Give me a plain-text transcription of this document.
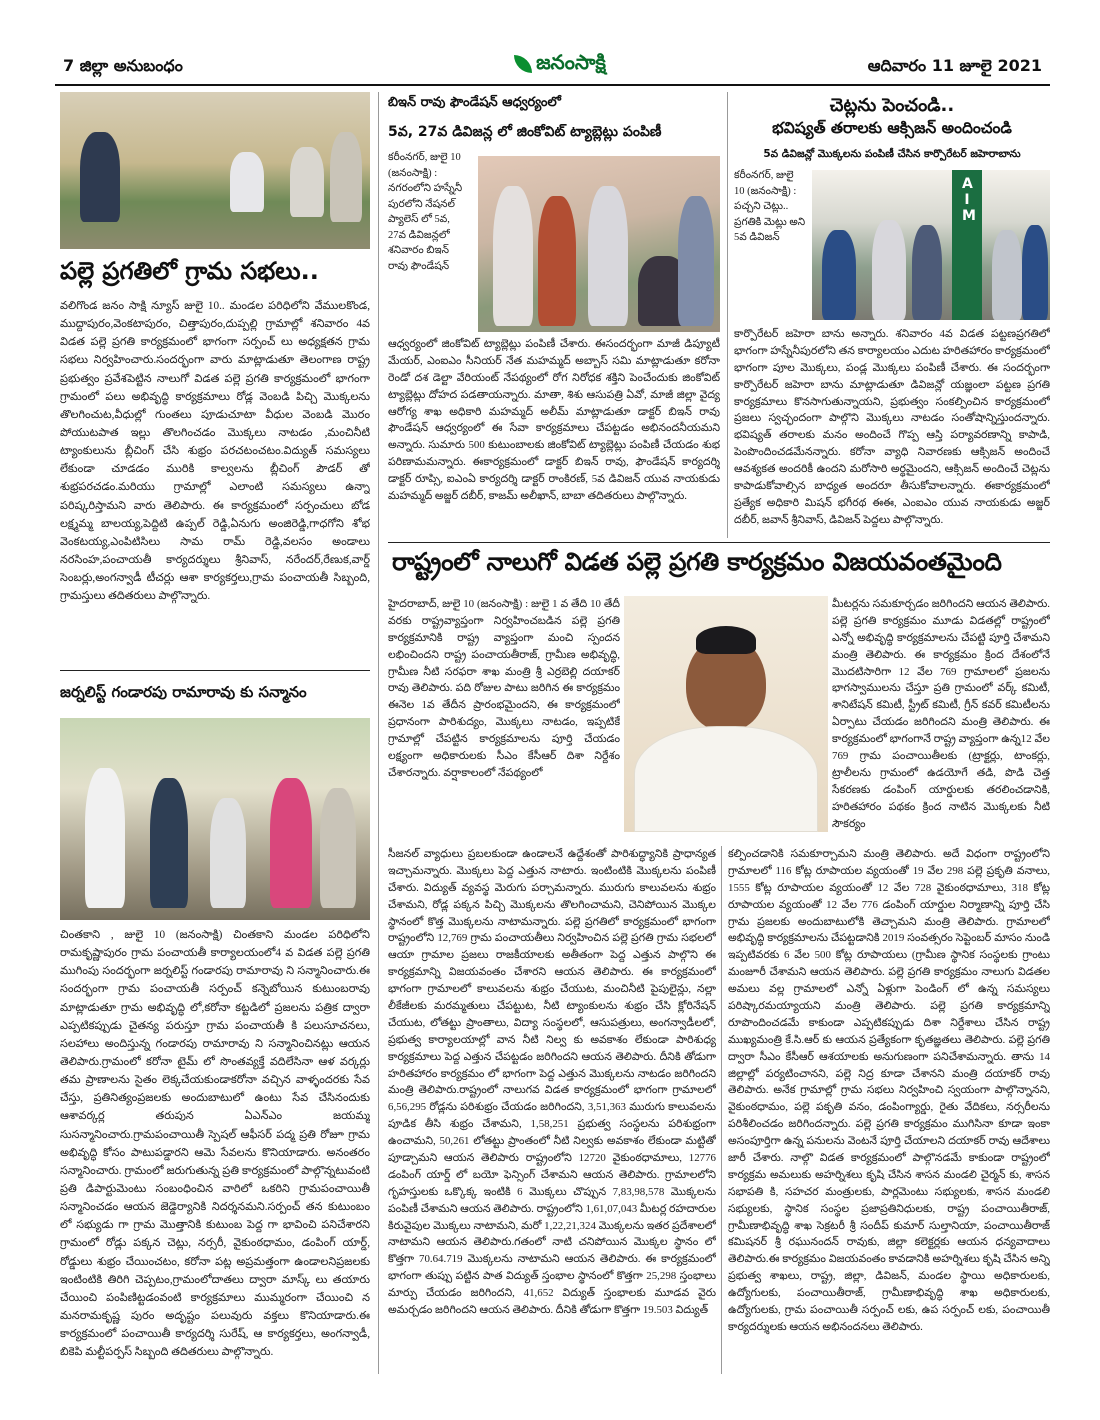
7 జిల్లా అనుబంధం	జనంసాక్షి	ఆదివారం 11 జూలై 2021
పల్లె ప్రగతిలో గ్రామ సభలు..
వలిగొండ జనం సాక్షి న్యూస్ జులై 10.. మండల పరిధిలోని వేములకొండ, ముద్దాపురం,వెంకటాపురం, చిత్తాపురం,దుప్పల్లి గ్రామాల్లో శనివారం 4వ విడత పల్లె ప్రగతి కార్యక్రమంలో భాగంగా సర్పంచ్ లు అధ్యక్షతన గ్రామ సభలు నిర్వహించారు.సందర్భంగా వారు మాట్లాడుతూ తెలంగాణ రాష్ట్ర ప్రభుత్వం ప్రవేశపెట్టిన నాలుగో విడత పల్లె ప్రగతి కార్యక్రమంలో భాగంగా గ్రామంలో పలు అభివృద్ధి కార్యక్రమాలు రోడ్ల వెంబడి పిచ్చి మొక్కలను తొలగించుట,వీధుల్లో గుంతలు పూడుచూటా వీధుల వెంబడి మొరం పోయుటపాత ఇల్లు తొలగించడం మొక్కలు నాటడం ,మంచినీటి ట్యాంకులును బ్లీచింగ్ చేసి శుభ్రం పరచటంచటం.విద్యుత్ సమస్యలు లేకుండా చూడడం మురికి కాల్వలను బ్లీచింగ్ పౌడర్ తో శుభ్రపరచడం.మరియు గ్రామాల్లో ఎలాంటి సమస్యలు ఉన్నా పరిష్కరిస్తామని వారు తెలిపారు. ఈ కార్యక్రమంలో సర్పంచులు బోడ లక్ష్మమ్మ బాలయ్య,పెద్దిటి ఉప్పల్ రెడ్డి,ఏనుగు అంజిరెడ్డి,గాధగోని శోభ వెంకటయ్య,ఎంపిటిసిలు సామ రామ్ రెడ్డి,వలసం అండాలు నరసింహ,పంచాయతీ కార్యదర్శులు శ్రీనివాస్, నరేందర్,రేణుక,వార్డ్ సెంబర్లు,అంగన్వాడీ టీచర్లు ఆశా కార్యకర్తలు,గ్రామ పంచాయతీ సిబ్బంది, గ్రామస్తులు తదితరులు పాల్గొన్నారు.
జర్నలిస్ట్ గండారపు రామారావు కు సన్మానం
చింతకాని , జులై 10 (జనంసాక్షి) చింతకాని మండల పరిధిలోని రామకృష్ణాపురం గ్రామ పంచాయతీ కార్యాలయంలో4 వ విడత పల్లె ప్రగతి ముగింపు సందర్భంగా జర్నలిస్ట్ గండారపు రామారావు ని సన్మానించారు.ఈ సందర్భంగా గ్రామ పంచాయతీ సర్పంచ్ కన్నెబోయిన కుటుంబరావు మాట్లాడుతూ గ్రామ అభివృద్ధి లో,కరోనా కట్టడిలో ప్రజలను పత్రిక ద్వారా ఎప్పటికప్పుడు చైతన్య పరుస్తూ గ్రామ పంచాయతీ కి పలుసూచనలు, సలహాలు అందిస్తున్న గండారపు రామారావు ని సన్మానించినట్లు ఆయన తెలిపారు.గ్రామంలో కరోనా టైమ్ లో సొంతవ్యక్తే వదిలేసినా ఆళ వర్కర్లు తమ ప్రాణాలను సైతం లెక్కచేయకుండాకరోనా వచ్చిన వాళ్ళందరకు సేవ చేస్తు, ప్రతినిత్యంప్రజలకు అందుబాటులో ఉంటు సేవ చేసినందుకు ఆశావర్కర్ల తరుపున ఏఎన్ఎం జయమ్మ సుసన్మానించారు.గ్రామపంచాయితీ స్పెషల్ ఆఫీసర్ పద్మ ప్రతి రోజూ గ్రామ అభివృద్ధి కోసం పాటుపడ్డారని ఆమె సేవలను కొనియాడారు. అనంతరం సన్మానించారు. గ్రామంలో జరుగుతున్న ప్రతి కార్యక్రమంలో పాల్గొన్నటువంటి ప్రతి డిపార్టుమెంటు సంబంధించిన వారిలో ఒకరిని గ్రామపంచాయితీ సన్మానించడం ఆయన జెడ్డెర్యానికి నిదర్శనమని.సర్పంచ్ తన కుటుంబం లో సభ్యుడు గా గ్రామ మొత్తానికి కుటుంబ పెద్ద గా భావించి పనిచేశారని గ్రామంలో రోడ్లు పక్కన చెట్లు, నర్సరీ, వైకుంఠధామం, డంపింగ్ యార్డ్, రోడ్డులు శుభ్రం చేయించటం, కరోనా పట్ల అప్రమత్తంగా ఉండాలనిప్రజలకు ఇంటింటికి తిరిగి చెప్పటం,గ్రామంలోదాతలు ద్వారా మాస్క్ లు తయారు చేయించి పంపిణిట్టడంవంటి కార్యక్రమాలు ముమ్మరంగా చేయించి న మనరామకృష్ణ పురం అదృష్టం పలువురు వక్తలు కొనియాడారు.ఈ కార్యక్రమంలో పంచాయితీ కార్యదర్శి సురేష్, ఆ కార్యకర్తలు, అంగన్వాడీ, బికెపి మల్టీపర్పస్ సిబ్బంది తదితరులు పాల్గొన్నారు.
బిఇన్ రావు ఫౌండేషన్ ఆధ్వర్యంలో
5వ, 27వ డివిజన్ల లో జింకోవిట్ ట్యాబ్లెట్లు పంపిణీ
కరీంనగర్, జులై 10 (జనంసాక్షి) : నగరంలోని హస్నేనీ పురలోని నేషనల్ ప్యాలెస్ లో 5వ, 27వ డివిజన్లలో శనివారం బిఇన్ రావు ఫౌండేషన్
ఆధ్వర్యంలో జింకోవిట్ ట్యాబ్లెట్లు పంపిణీ చేశారు. ఈసందర్భంగా మాజీ డిప్యూటీ మేయర్, ఎంఐఎం సీనియర్ నేత మహమ్మద్ అబ్బాస్ సమి మాట్లాడుతూ కరోనా రెండో దశ డెల్టా వేరియంట్ నేపథ్యంలో రోగ నిరోధక శక్తిని పెంచేందుకు జింకోవిట్ ట్యాబ్లెట్లు దోహద పడతాయన్నారు. మాతా, శిశు ఆసుపత్రి ఏవో, మాజీ జిల్లా వైద్య ఆరోగ్య శాఖ అధికారి మహమ్మద్ అలీమ్ మాట్లాడుతూ డాక్టర్ బిఇన్ రావు ఫౌండేషన్ ఆధ్వర్యంలో ఈ సేవా కార్యక్రమాలు చేపట్టడం అభినందనీయమని అన్నారు. సుమారు 500 కుటుంబాలకు జింకోవిట్ ట్యాబ్లెట్లు పంపిణీ చేయడం శుభ పరిణామమన్నారు. ఈకార్యక్రమంలో డాక్టర్ బిఇన్ రావు, ఫౌండేషన్ కార్యదర్శి డాక్టర్ రూప్సి, ఐఎంఏ కార్యదర్శి డాక్టర్ రాంకిరణ్, 5వ డివిజన్ యువ నాయకుడు మహమ్మద్ అజ్జర్ దబీర్, కాజమ్ అలీఖాన్, బాబా తదితరులు పాల్గొన్నారు.
చెట్లను పెంచండి..
భవిష్యత్ తరాలకు ఆక్సిజన్ అందించండి
5వ డివిజన్లో మొక్కలను పంపిణీ చేసిన కార్పొరేటర్ జహెరాబాను
కరీంనగర్, జులై 10 (జనంసాక్షి) : పచ్చని చెట్లు.. ప్రగతికి మెట్లు అని 5వ డివిజన్
AIM
కార్పొరేటర్ జహెరా బాను అన్నారు. శనివారం 4వ విడత పట్టణప్రగతిలో భాగంగా హస్నేనీపురలోని తన కార్యాలయం ఎదుట హరితహారం కార్యక్రమంలో భాగంగా పూల మొక్కలు, పండ్ల మొక్కలు పంపిణీ చేశారు. ఈ సందర్భంగా కార్పొరేటర్ జహెరా బాను మాట్లాడుతూ డివిజన్లో యజ్ఞంలా పట్టణ ప్రగతి కార్యక్రమాలు కొనసాగుతున్నాయని, ప్రభుత్వం సంకల్పించిన కార్యక్రమంలో ప్రజలు స్వచ్ఛందంగా పాల్గొని మొక్కలు నాటడం సంతోషాన్నిస్తుందన్నారు. భవిష్యత్ తరాలకు మనం అందించే గొప్ప ఆస్తి పర్యావరణాన్ని కాపాడి, పెంపొందించడమేనన్నారు. కరోనా వ్యాధి నివారణకు ఆక్సిజన్ అందించే ఆవశ్యకత అందరికీ ఉందని మరోసారి అర్థమైందని, ఆక్సిజన్ అందించే చెట్లను కాపాడుకోవాల్సిన బాధ్యత అందరూ తీసుకోవాలన్నారు. ఈకార్యక్రమంలో ప్రత్యేక అధికారి మిషన్ భగీరథ ఈఈ, ఎంఐఎం యువ నాయకుడు అజ్జర్ దబీర్, జవాన్ శ్రీనివాస్, డివిజన్ పెద్దలు పాల్గొన్నారు.
రాష్ట్రంలో నాలుగో విడత పల్లె ప్రగతి కార్యక్రమం విజయవంతమైంది
హైదరాబాద్, జులై 10 (జనంసాక్షి) : జులై 1 వ తేది 10 తేదీ వరకు రాష్ట్రవ్యాప్తంగా నిర్వహించబడిన పల్లె ప్రగతి కార్యక్రమానికి రాష్ట్ర వ్యాప్తంగా మంచి స్పందన లభించిందని రాష్ట్ర పంచాయతీరాజ్, గ్రామీణ అభివృద్ధి, గ్రామీణ నీటి సరఫరా శాఖ మంత్రి శ్రీ ఎర్రబెల్లి దయాకర్ రావు తెలిపారు. పది రోజుల పాటు జరిగిన ఈ కార్యక్రమం ఈనెల 1వ తేదీన ప్రారంభమైందని, ఈ కార్యక్రమంలో ప్రధానంగా పారిశుద్యం, మొక్కలు నాటడం, ఇప్పటికే గ్రామాల్లో చేపట్టిన కార్యక్రమాలను పూర్తి చేయడం లక్ష్యంగా అధికారులకు సీఎం కేసీఆర్ దిశా నిర్దేశం చేశారన్నారు. వర్షాకాలంలో నేపథ్యంలో
మీటర్లను సమకూర్చడం జరిగిందని ఆయన తెలిపారు. పల్లె ప్రగతి కార్యక్రమం మూడు విడతల్లో రాష్ట్రంలో ఎన్నో అభివృద్ధి కార్యక్రమాలను చేపట్టి పూర్తి చేశామని మంత్రి తెలిపారు. ఈ కార్యక్రమం క్రింద దేశంలోనే మొదటిసారిగా 12 వేల 769 గ్రామాలలో ప్రజలను భాగస్వాములను చేస్తూ ప్రతి గ్రామంలో వర్క్ కమిటీ, శానిటేషన్ కమిటీ, స్ట్రీట్ కమిటీ, గ్రీన్ కవర్ కమిటీలను ఏర్పాటు చేయడం జరిగిందని మంత్రి తెలిపారు. ఈ కార్యక్రమంలో భాగంగానే రాష్ట్ర వ్యాప్తంగా ఉన్న12 వేల 769 గ్రామ పంచాయితీలకు (ట్రాక్టర్లు, టాంకర్లు, ట్రాలీలను గ్రామంలో ఉడయోగే తడి, పొడి చెత్త సేకరణకు డంపింగ్ యార్డులకు తరలించడానికి, హరితహారం పథకం క్రింద నాటిన మొక్కలకు నీటి సౌకర్యం
సీజనల్ వ్యాధులు ప్రబలకుండా ఉండాలనే ఉద్దేశంతో పారిశుద్ధ్యానికి ప్రాధాన్యత ఇచ్చామన్నారు. మొక్కలు పెద్ద ఎత్తున నాటారు. ఇంటింటికి మొక్కలను పంపిణీ చేశారు. విద్యుత్ వ్యవస్థ మెరుగు పర్చామన్నారు. మురుగు కాలువలను శుభ్రం చేశామని, రోడ్ల పక్కన పిచ్చి మొక్కలను తొలగించామని, చెనిపోయిన మొక్కల స్థానంలో కొత్త మొక్కలను నాటామన్నారు. పల్లె ప్రగతిలో కార్యక్రమంలో భాగంగా రాష్ట్రంలోని 12,769 గ్రామ పంచాయతీలు నిర్వహించిన పల్లె ప్రగతి గ్రామ సభలలో ఆయా గ్రామాల ప్రజలు రాజకీయాలకు అతీతంగా పెద్ద ఎత్తున పాల్గొని ఈ కార్యక్రమాన్ని విజయవంతం చేశారని ఆయన తెలిపారు. ఈ కార్యక్రమంలో భాగంగా గ్రామాలలో కాలువలను శుభ్రం చేయుట, మంచినీటి పైపులైన్లు, నల్లా లీకేజీలకు మరమ్మతులు చేపట్టుట, నీటి ట్యాంకులను శుభ్రం చేసి క్లోరినేషన్ చేయుట, లోతట్టు ప్రాంతాలు, విద్యా సంస్థలలో, ఆసుపత్రులు, అంగన్వాడీలలో, ప్రభుత్వ కార్యాలయాల్లో వాన నీటి నిల్వ కు అవకాశం లేకుండా పారిశుధ్య కార్యక్రమాలు పెద్ద ఎత్తున చేపట్టడం జరిగిందని ఆయన తెలిపారు. దీనికి తోడుగా హరితహారం కార్యక్రమం లో భాగంగా పెద్ద ఎత్తున మొక్కలను నాటడం జరిగిందని మంత్రి తెలిపారు.రాష్ట్రంలో నాలుగవ విడత కార్యక్రమంలో భాగంగా గ్రామాలలో 6,56,295 రోడ్లను పరిశుభ్రం చేయడం జరిగిందని, 3,51,363 మురుగు కాలువలను పూడిక తీసి శుభ్రం చేశామని, 1,58,251 ప్రభుత్వ సంస్థలను పరిశుభ్రంగా ఉంచామని, 50,261 లోతట్టు ప్రాంతంలో నీటి నిల్వకు అవకాశం లేకుండా మట్టితో పూడ్చామని ఆయన తెలిపారు రాష్ట్రంలోని 12720 వైకుంఠధామాలు, 12776 డంపింగ్ యార్డ్ లో బయో ఫెన్సింగ్ చేశామని ఆయన తెలిపారు. గ్రామాలలోని గృహస్తులకు ఒక్కొక్క ఇంటికి 6 మొక్కలు చొప్పున 7,83,98,578 మొక్కలను పంపిణీ చేశామని ఆయన తెలిపారు. రాష్ట్రంలోని 1,61,07,043 మీటర్ల రహదారుల కిరువైపుల మొక్కలు నాటామని, మరో 1,22,21,324 మొక్కలను ఇతర ప్రదేశాలలో నాటామని ఆయన తెలిపారు.గతంలో నాటి చనిపోయిన మొక్కల స్థానం లో కొత్తగా 70.64.719 మొక్కలను నాటామని ఆయన తెలిపారు. ఈ కార్యక్రమంలో భాగంగా తుప్పు పట్టిన పాత విద్యుత్ స్తంభాల స్థానంలో కొత్తగా 25,298 స్తంభాలు మార్పు చేయడం జరిగిందని, 41,652 విద్యుత్ స్తంభాలకు మూడవ వైరు అమర్చడం జరిగిందని ఆయన తెలిపారు. దీనికి తోడుగా కొత్తగా 19.503 విద్యుత్
కల్పించడానికి సమకూర్చామని మంత్రి తెలిపారు. అదే విధంగా రాష్ట్రంలోని గ్రామాలలో 116 కోట్ల రూపాయల వ్యయంతో 19 వేల 298 పల్లె ప్రకృతి వనాలు, 1555 కోట్ల రూపాయల వ్యయంతో 12 వేల 728 వైకుంఠధామాలు, 318 కోట్ల రూపాయల వ్యయంతో 12 వేల 776 డంపింగ్ యార్డుల నిర్మాణాన్ని పూర్తి చేసి గ్రామ ప్రజలకు అందుబాటులోకి తెచ్చామని మంత్రి తెలిపారు. గ్రామాలలో అభివృద్ధి కార్యక్రమాలను చేపట్టడానికి 2019 సంవత్సరం సెప్టెంబర్ మాసం నుండి ఇప్పటివరకు 6 వేల 500 కోట్ల రూపాయలు (గ్రామీణ స్థానిక సంస్థలకు గ్రాంటు మంజూరీ చేశామని ఆయన తెలిపారు. పల్లె ప్రగతి కార్యక్రమం నాలుగు విడతల అమలు వల్ల గ్రామాలలో ఎన్నో ఏళ్లుగా పెండింగ్ లో ఉన్న సమస్యలు పరిష్కారమయ్యాయని మంత్రి తెలిపారు. పల్లె ప్రగతి కార్యక్రమాన్ని రూపొందించడమే కాకుండా ఎప్పటికప్పుడు దిశా నిర్దేశాలు చేసిన రాష్ట్ర ముఖ్యమంత్రి కే.సి.ఆర్ కు ఆయన ప్రత్యేకంగా కృతజ్ఞతలు తెలిపారు. పల్లె ప్రగతి ద్వారా సీఎం కేసీఆర్ ఆశయాలకు అనుగుణంగా పనిచేశామన్నారు. తాను 14 జిల్లాల్లో పర్యటించానని, పల్లె నిద్ర కూడా చేశానని మంత్రి దయాకర్ రావు తెలిపారు. అనేక గ్రామాల్లో గ్రామ సభలు నిర్వహించి స్వయంగా పాల్గొన్నానని, వైకుంఠధామం, పల్లె పకృతి వనం, డంపింగ్యార్డు, రైతు వేదికలు, నర్సరీలను పరిశీలించడం జరిగిందన్నారు. పల్లె ప్రగతి కార్యక్రమం ముగిసినా కూడా ఇంకా అసంపూర్తిగా ఉన్న పనులను వెంటనే పూర్తి చేయాలని దయాకర్ రావు ఆదేశాలు జారీ చేశారు. నాల్గొ విడత కార్యక్రమంలో పాల్గొనడమే కాకుండా రాష్ట్రంలో కార్యక్రమ అమలుకు అహర్నిశలు కృషి చేసిన శాసన మండలి చైర్మన్ కు, శాసన సభాపతి కి, సహచర మంత్రులకు, పార్లమెంటు సభ్యులకు, శాసన మండలి సభ్యులకు, స్థానిక సంస్థల ప్రజాప్రతినిధులకు, రాష్ట్ర పంచాయితీరాజ్, గ్రామీణాభివృద్ధి శాఖ సెక్రటరీ శ్రీ సందీప్ కుమార్ సుల్తానియా, పంచాయితీరాజ్ కమిషనర్ శ్రీ రఘునందన్ రావుకు, జిల్లా కలెక్టర్లకు ఆయన ధన్యవాదాలు తెలిపారు.ఈ కార్యక్రమం విజయవంతం కావడానికి అహర్నిశలు కృషి చేసిన అన్ని ప్రభుత్వ శాఖలు, రాష్ట్ర, జిల్లా, డివిజన్, మండల స్థాయి అధికారులకు, ఉద్యోగులకు, పంచాయితీరాజ్, గ్రామీణాభివృద్ధి శాఖ అధికారులకు, ఉద్యోగులకు, గ్రామ పంచాయితీ సర్పంచ్ లకు, ఉప సర్పంచ్ లకు, పంచాయితీ కార్యదర్శులకు ఆయన అభినందనలు తెలిపారు.
